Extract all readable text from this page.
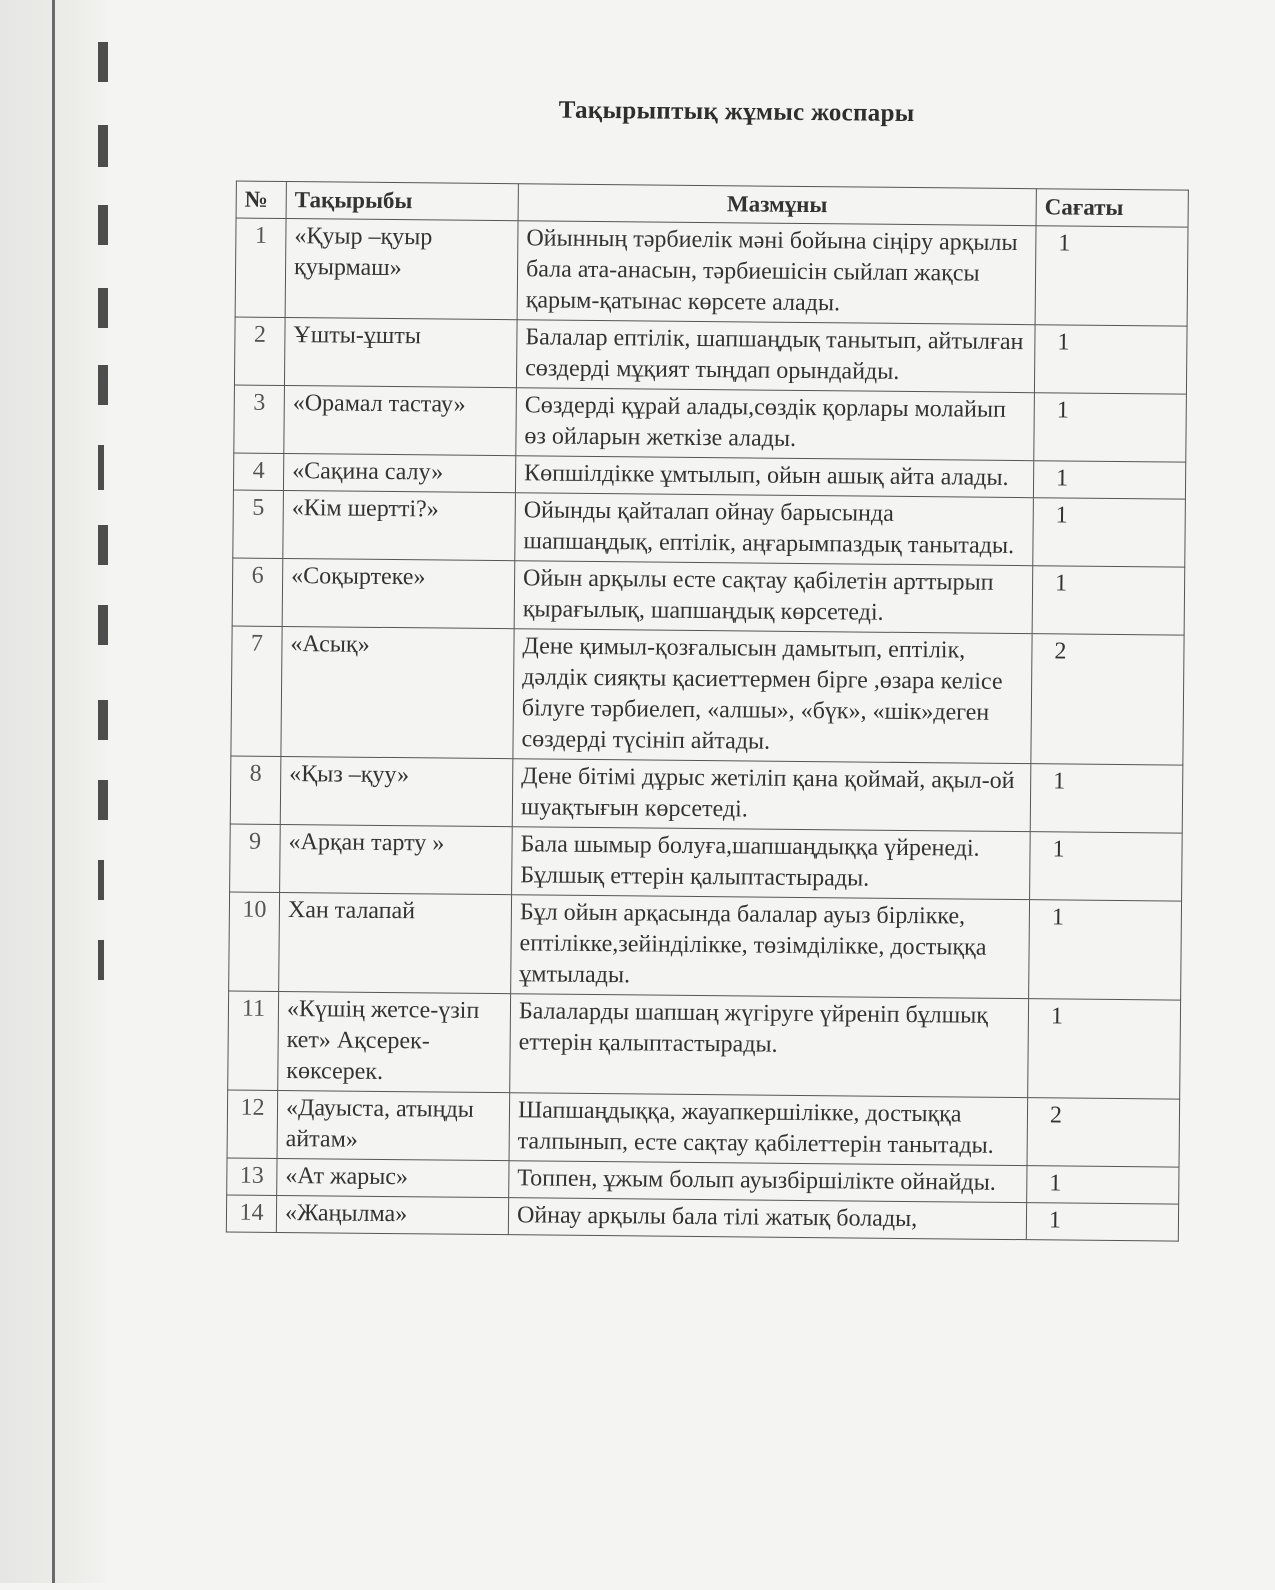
Тақырыптық жұмыс жоспары
№	Тақырыбы	Мазмұны	Сағаты
1	«Қуыр –қуыр қуырмаш»	Ойынның тәрбиелік мәні бойына сіңіру арқылы бала ата-анасын, тәрбиешісін сыйлап жақсы қарым-қатынас көрсете алады.	1
2	Ұшты-ұшты	Балалар ептілік, шапшаңдық танытып, айтылған сөздерді мұқият тыңдап орындайды.	1
3	«Орамал тастау»	Сөздерді құрай алады,сөздік қорлары молайып өз ойларын жеткізе алады.	1
4	«Сақина салу»	Көпшілдікке ұмтылып, ойын ашық айта алады.	1
5	«Кім шертті?»	Ойынды қайталап ойнау барысында шапшаңдық, ептілік, аңғарымпаздық танытады.	1
6	«Соқыртеке»	Ойын арқылы есте сақтау қабілетін арттырып қырағылық, шапшаңдық көрсетеді.	1
7	«Асық»	Дене қимыл-қозғалысын дамытып, ептілік, дәлдік сияқты қасиеттермен бірге ,өзара келісе білуге тәрбиелеп, «алшы», «бүк», «шік»деген сөздерді түсініп айтады.	2
8	«Қыз –қуу»	Дене бітімі дұрыс жетіліп қана қоймай, ақыл-ой шуақтығын көрсетеді.	1
9	«Арқан тарту »	Бала шымыр болуға,шапшаңдыққа үйренеді. Бұлшық еттерін қалыптастырады.	1
10	Хан талапай	Бұл ойын арқасында балалар ауыз бірлікке, ептілікке,зейінділікке, төзімділікке, достыққа ұмтылады.	1
11	«Күшің жетсе-үзіп кет» Ақсерек-көксерек.	Балаларды шапшаң жүгіруге үйреніп бұлшық еттерін қалыптастырады.	1
12	«Дауыста, атыңды айтам»	Шапшаңдыққа, жауапкершілікке, достыққа талпынып, есте сақтау қабілеттерін танытады.	2
13	«Ат жарыс»	Топпен, ұжым болып ауызбіршілікте ойнайды.	1
14	«Жаңылма»	Ойнау арқылы бала тілі жатық болады,	1
